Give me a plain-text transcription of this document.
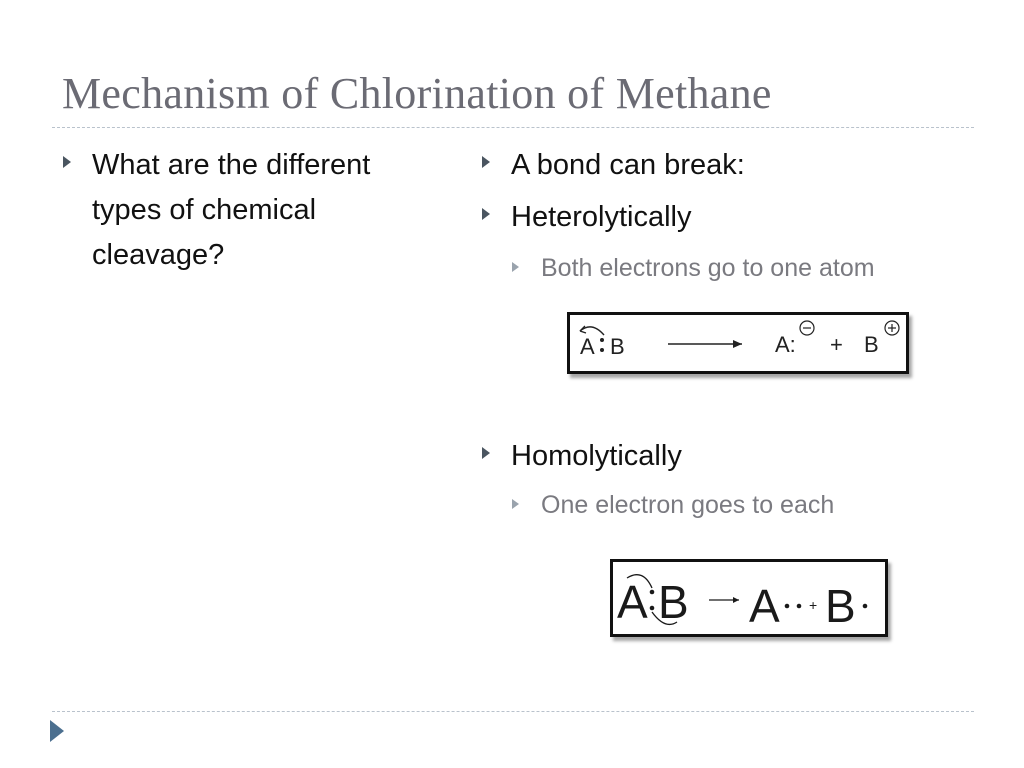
Mechanism of Chlorination of Methane
What are the different types of chemical cleavage?
A bond can break:
Heterolytically
Both electrons go to one atom
A B	A: + B
Homolytically
One electron goes to each
A B A + B
